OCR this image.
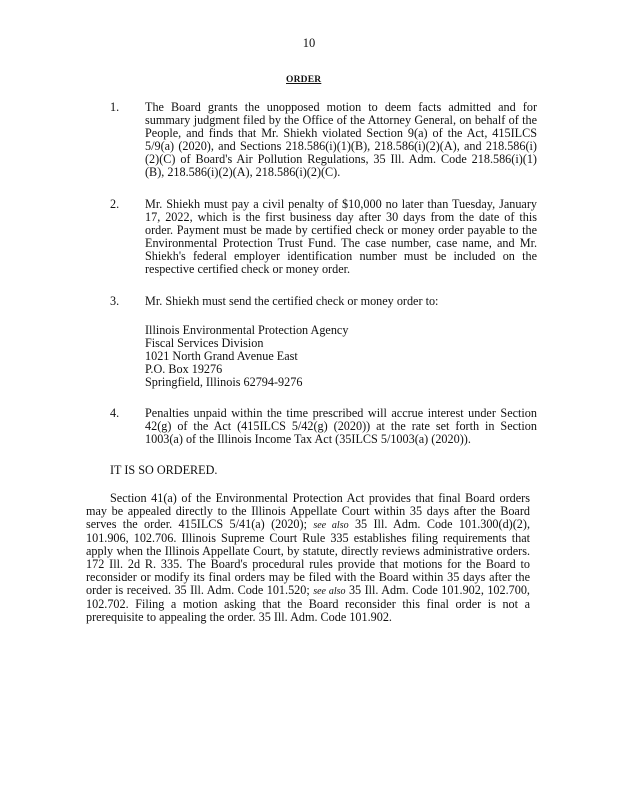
10
ORDER
1. The Board grants the unopposed motion to deem facts admitted and for summary judgment filed by the Office of the Attorney General, on behalf of the People, and finds that Mr. Shiekh violated Section 9(a) of the Act, 415ILCS 5/9(a) (2020), and Sections 218.586(i)(1)(B), 218.586(i)(2)(A), and 218.586(i)(2)(C) of Board's Air Pollution Regulations, 35 Ill. Adm. Code 218.586(i)(1)(B), 218.586(i)(2)(A), 218.586(i)(2)(C).
2. Mr. Shiekh must pay a civil penalty of $10,000 no later than Tuesday, January 17, 2022, which is the first business day after 30 days from the date of this order. Payment must be made by certified check or money order payable to the Environmental Protection Trust Fund. The case number, case name, and Mr. Shiekh's federal employer identification number must be included on the respective certified check or money order.
3. Mr. Shiekh must send the certified check or money order to:
Illinois Environmental Protection Agency
Fiscal Services Division
1021 North Grand Avenue East
P.O. Box 19276
Springfield, Illinois 62794-9276
4. Penalties unpaid within the time prescribed will accrue interest under Section 42(g) of the Act (415ILCS 5/42(g) (2020)) at the rate set forth in Section 1003(a) of the Illinois Income Tax Act (35ILCS 5/1003(a) (2020)).
IT IS SO ORDERED.
Section 41(a) of the Environmental Protection Act provides that final Board orders may be appealed directly to the Illinois Appellate Court within 35 days after the Board serves the order. 415ILCS 5/41(a) (2020); see also 35 Ill. Adm. Code 101.300(d)(2), 101.906, 102.706. Illinois Supreme Court Rule 335 establishes filing requirements that apply when the Illinois Appellate Court, by statute, directly reviews administrative orders. 172 Ill. 2d R. 335. The Board's procedural rules provide that motions for the Board to reconsider or modify its final orders may be filed with the Board within 35 days after the order is received. 35 Ill. Adm. Code 101.520; see also 35 Ill. Adm. Code 101.902, 102.700, 102.702. Filing a motion asking that the Board reconsider this final order is not a prerequisite to appealing the order. 35 Ill. Adm. Code 101.902.
